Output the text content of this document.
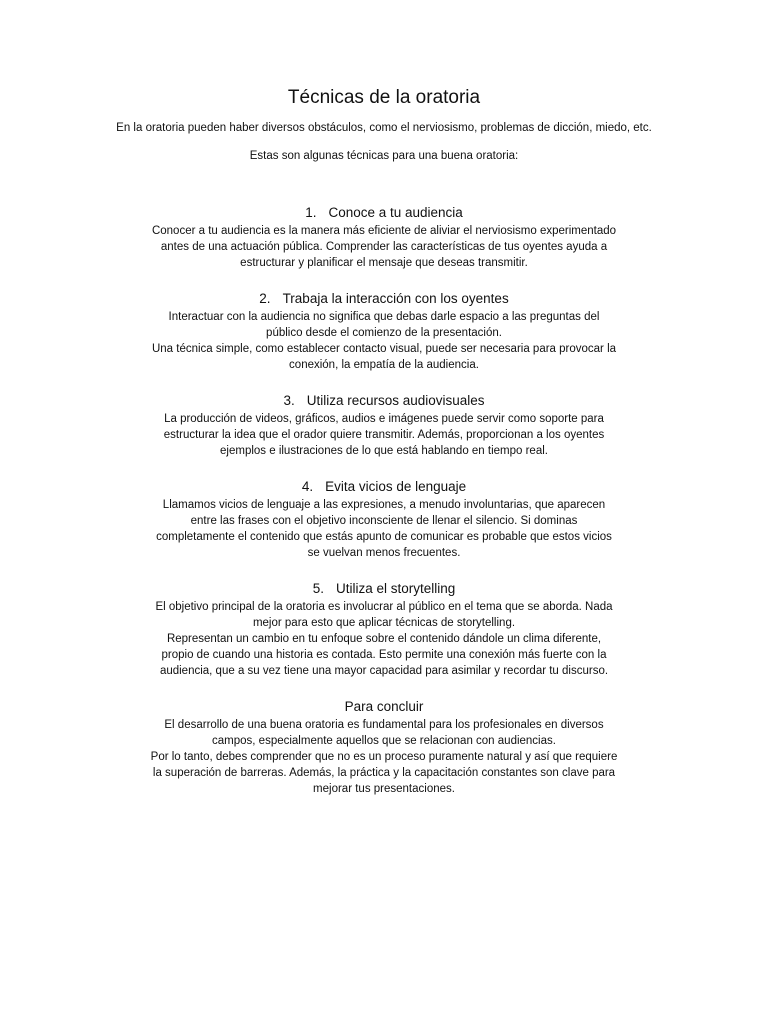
Técnicas de la oratoria

En la oratoria pueden haber diversos obstáculos, como el nerviosismo, problemas de dicción, miedo, etc.

Estas son algunas técnicas para una buena oratoria:

1. Conoce a tu audiencia

Conocer a tu audiencia es la manera más eficiente de aliviar el nerviosismo experimentado antes de una actuación pública. Comprender las características de tus oyentes ayuda a estructurar y planificar el mensaje que deseas transmitir.

2. Trabaja la interacción con los oyentes

Interactuar con la audiencia no significa que debas darle espacio a las preguntas del público desde el comienzo de la presentación.

Una técnica simple, como establecer contacto visual, puede ser necesaria para provocar la conexión, la empatía de la audiencia.

3. Utiliza recursos audiovisuales

La producción de videos, gráficos, audios e imágenes puede servir como soporte para estructurar la idea que el orador quiere transmitir. Además, proporcionan a los oyentes ejemplos e ilustraciones de lo que está hablando en tiempo real.

4. Evita vicios de lenguaje

Llamamos vicios de lenguaje a las expresiones, a menudo involuntarias, que aparecen entre las frases con el objetivo inconsciente de llenar el silencio. Si dominas completamente el contenido que estás apunto de comunicar es probable que estos vicios se vuelvan menos frecuentes.

5. Utiliza el storytelling

El objetivo principal de la oratoria es involucrar al público en el tema que se aborda. Nada mejor para esto que aplicar técnicas de storytelling.

Representan un cambio en tu enfoque sobre el contenido dándole un clima diferente, propio de cuando una historia es contada. Esto permite una conexión más fuerte con la audiencia, que a su vez tiene una mayor capacidad para asimilar y recordar tu discurso.

Para concluir

El desarrollo de una buena oratoria es fundamental para los profesionales en diversos campos, especialmente aquellos que se relacionan con audiencias.

Por lo tanto, debes comprender que no es un proceso puramente natural y así que requiere la superación de barreras. Además, la práctica y la capacitación constantes son clave para mejorar tus presentaciones.
